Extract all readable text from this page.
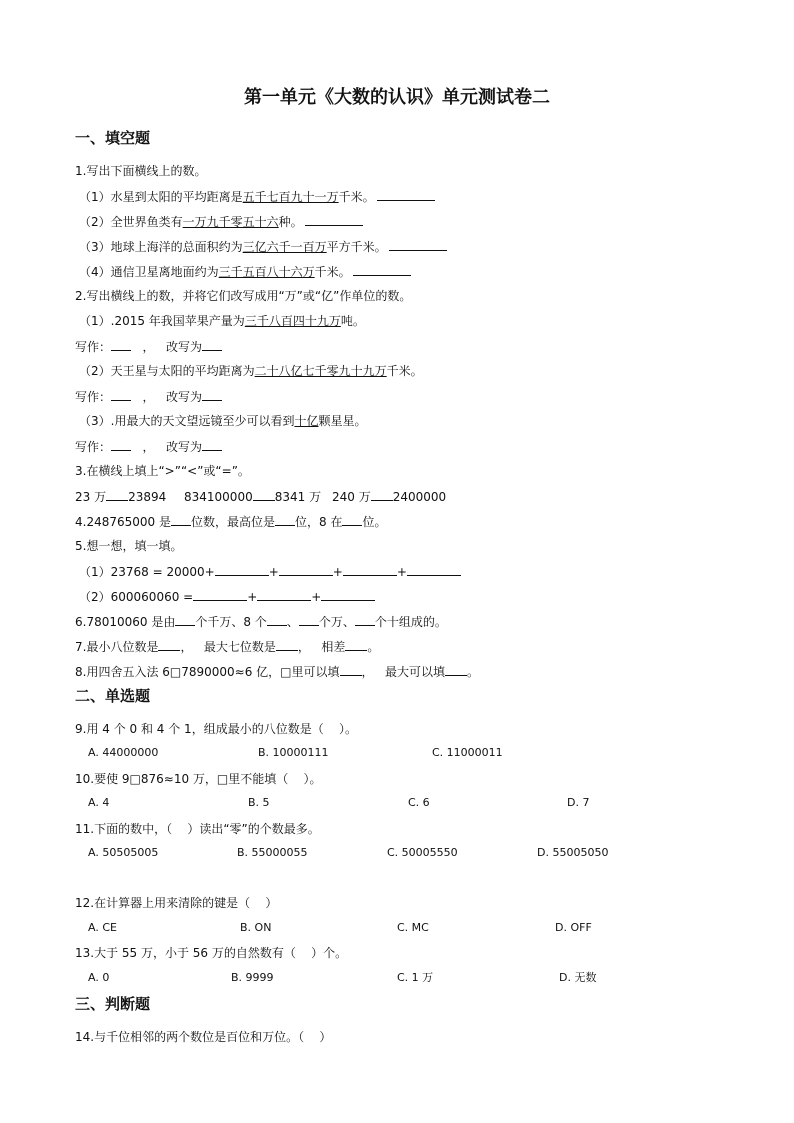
第一单元《大数的认识》单元测试卷二
一、填空题
1.写出下面横线上的数。
（1）水星到太阳的平均距离是五千七百九十一万千米。
（2）全世界鱼类有一万九千零五十六种。
（3）地球上海洋的总面积约为三亿六千一百万平方千米。
（4）通信卫星离地面约为三千五百八十六万千米。
2.写出横线上的数，并将它们改写成用“万”或“亿”作单位的数。
（1）.2015 年我国苹果产量为三千八百四十九万吨。
写作：	， 改写为
（2）天王星与太阳的平均距离为二十八亿七千零九十九万千米。
写作：	， 改写为
（3）.用最大的天文望远镜至少可以看到十亿颗星星。
写作：	， 改写为
3.在横线上填上“>”“<”或“=”。
23 万 23894 834100000 8341 万 240 万 2400000
4.248765000 是 位数，最高位是 位，8 在 位。
5.想一想，填一填。
（1）23768 = 20000+	+	+	+
（2）600060060 =	+	+
6.78010060 是由 个千万、8 个 、 个万、 个十组成的。
7.最小八位数是 ，   最大七位数是 ，   相差 。
8.用四舍五入法 6□7890000≈6 亿，□里可以填 ，   最大可以填 。
二、单选题
9.用 4 个 0 和 4 个 1，组成最小的八位数是（    ）。
A. 44000000	B. 10000111	C. 11000011
10.要使 9□876≈10 万，□里不能填（    ）。
A. 4	B. 5	C. 6	D. 7
11.下面的数中，（    ）读出“零”的个数最多。
A. 50505005	B. 55000055	C. 50005550	D. 55005050
12.在计算器上用来清除的键是（    ）
A. CE	B. ON	C. MC	D. OFF
13.大于 55 万，小于 56 万的自然数有（    ）个。
A. 0	B. 9999	C. 1 万	D. 无数
三、判断题
14.与千位相邻的两个数位是百位和万位。（    ）
